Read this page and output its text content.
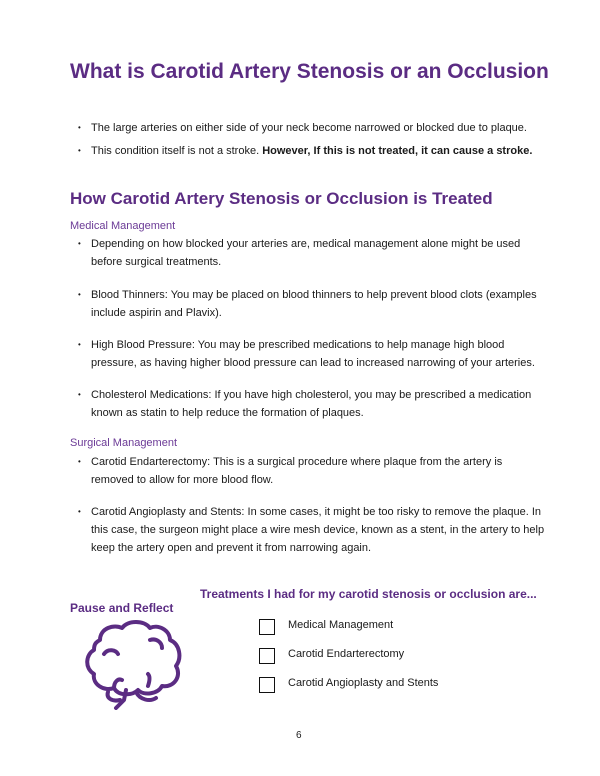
What is Carotid Artery Stenosis or an Occlusion
• The large arteries on either side of your neck become narrowed or blocked due to plaque.
• This condition itself is not a stroke. However, If this is not treated, it can cause a stroke.
How Carotid Artery Stenosis or Occlusion is Treated
Medical Management
• Depending on how blocked your arteries are, medical management alone might be used before surgical treatments.
• Blood Thinners: You may be placed on blood thinners to help prevent blood clots (examples include aspirin and Plavix).
• High Blood Pressure: You may be prescribed medications to help manage high blood pressure, as having higher blood pressure can lead to increased narrowing of your arteries.
• Cholesterol Medications: If you have high cholesterol, you may be prescribed a medication known as statin to help reduce the formation of plaques.
Surgical Management
• Carotid Endarterectomy: This is a surgical procedure where plaque from the artery is removed to allow for more blood flow.
• Carotid Angioplasty and Stents: In some cases, it might be too risky to remove the plaque. In this case, the surgeon might place a wire mesh device, known as a stent, in the artery to help keep the artery open and prevent it from narrowing again.
Pause and Reflect
Treatments I had for my carotid stenosis or occlusion are...
Medical Management
Carotid Endarterectomy
Carotid Angioplasty and Stents
6
